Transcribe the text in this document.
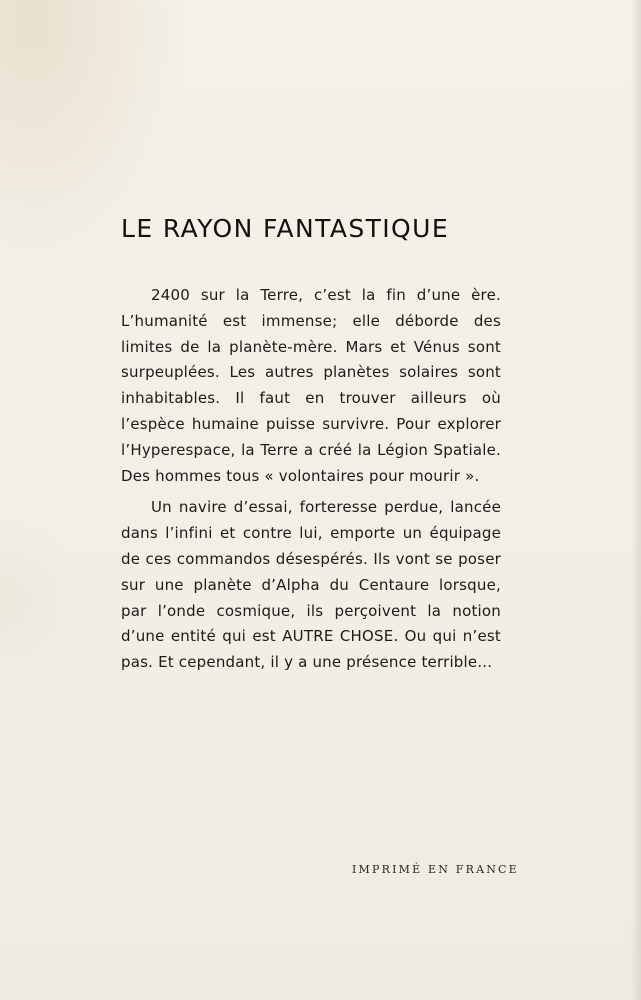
LE RAYON FANTASTIQUE

2400 sur la Terre, c’est la fin d’une ère. L’humanité est immense; elle déborde des limites de la planète-mère. Mars et Vénus sont surpeuplées. Les autres planètes solaires sont inhabitables. Il faut en trouver ailleurs où l’espèce humaine puisse survivre. Pour explorer l’Hyperespace, la Terre a créé la Légion Spatiale. Des hommes tous « volontaires pour mourir ».

Un navire d’essai, forteresse perdue, lancée dans l’infini et contre lui, emporte un équipage de ces commandos désespérés. Ils vont se poser sur une planète d’Alpha du Centaure lorsque, par l’onde cosmique, ils perçoivent la notion d’une entité qui est AUTRE CHOSE. Ou qui n’est pas. Et cependant, il y a une présence terrible...

IMPRIMÉ EN FRANCE
